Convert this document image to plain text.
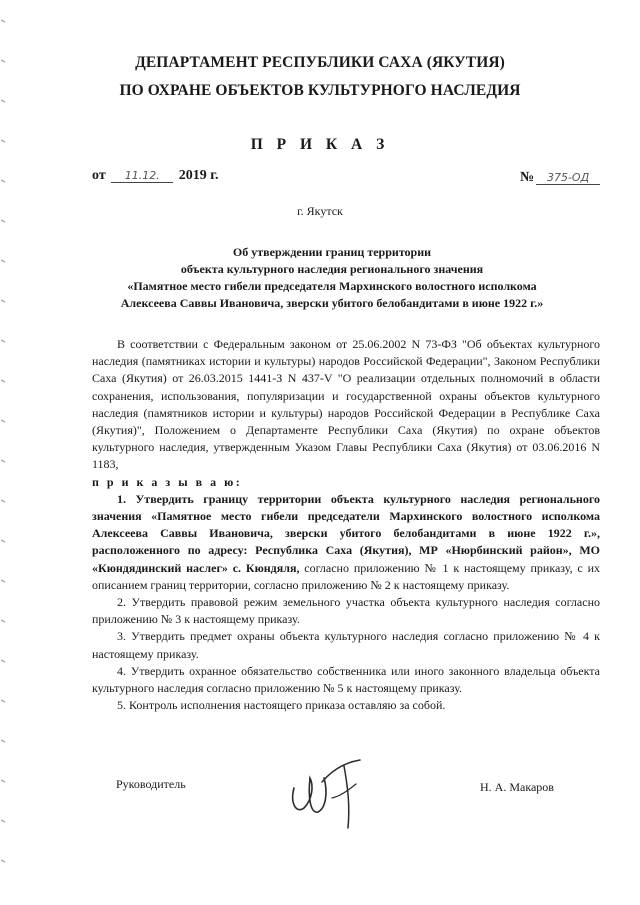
ДЕПАРТАМЕНТ РЕСПУБЛИКИ САХА (ЯКУТИЯ)
ПО ОХРАНЕ ОБЪЕКТОВ КУЛЬТУРНОГО НАСЛЕДИЯ
П Р И К А З
от 11.12. 2019 г.	№ 375-ОД
г. Якутск
Об утверждении границ территории
объекта культурного наследия регионального значения
«Памятное место гибели председателя Мархинского волостного исполкома
Алексеева Саввы Ивановича, зверски убитого белобандитами в июне 1922 г.»

В соответствии с Федеральным законом от 25.06.2002 N 73-ФЗ "Об объектах культурного наследия (памятниках истории и культуры) народов Российской Федерации", Законом Республики Саха (Якутия) от 26.03.2015 1441-З N 437-V "О реализации отдельных полномочий в области сохранения, использования, популяризации и государственной охраны объектов культурного наследия (памятников истории и культуры) народов Российской Федерации в Республике Саха (Якутия)", Положением о Департаменте Республики Саха (Якутия) по охране объектов культурного наследия, утвержденным Указом Главы Республики Саха (Якутия) от 03.06.2016 N 1183,

п р и к а з ы в а ю:

1. Утвердить границу территории объекта культурного наследия регионального значения «Памятное место гибели председатели Мархинского волостного исполкома Алексеева Саввы Ивановича, зверски убитого белобандитами в июне 1922 г.», расположенного по адресу: Республика Саха (Якутия), МР «Нюрбинский район», МО «Кюндядинский наслег» с. Кюндяля, согласно приложению № 1 к настоящему приказу, с их описанием границ территории, согласно приложению № 2 к настоящему приказу.

2. Утвердить правовой режим земельного участка объекта культурного наследия согласно приложению № 3 к настоящему приказу.

3. Утвердить предмет охраны объекта культурного наследия согласно приложению № 4 к настоящему приказу.

4. Утвердить охранное обязательство собственника или иного законного владельца объекта культурного наследия согласно приложению № 5 к настоящему приказу.

5. Контроль исполнения настоящего приказа оставляю за собой.

Руководитель	Н. А. Макаров
